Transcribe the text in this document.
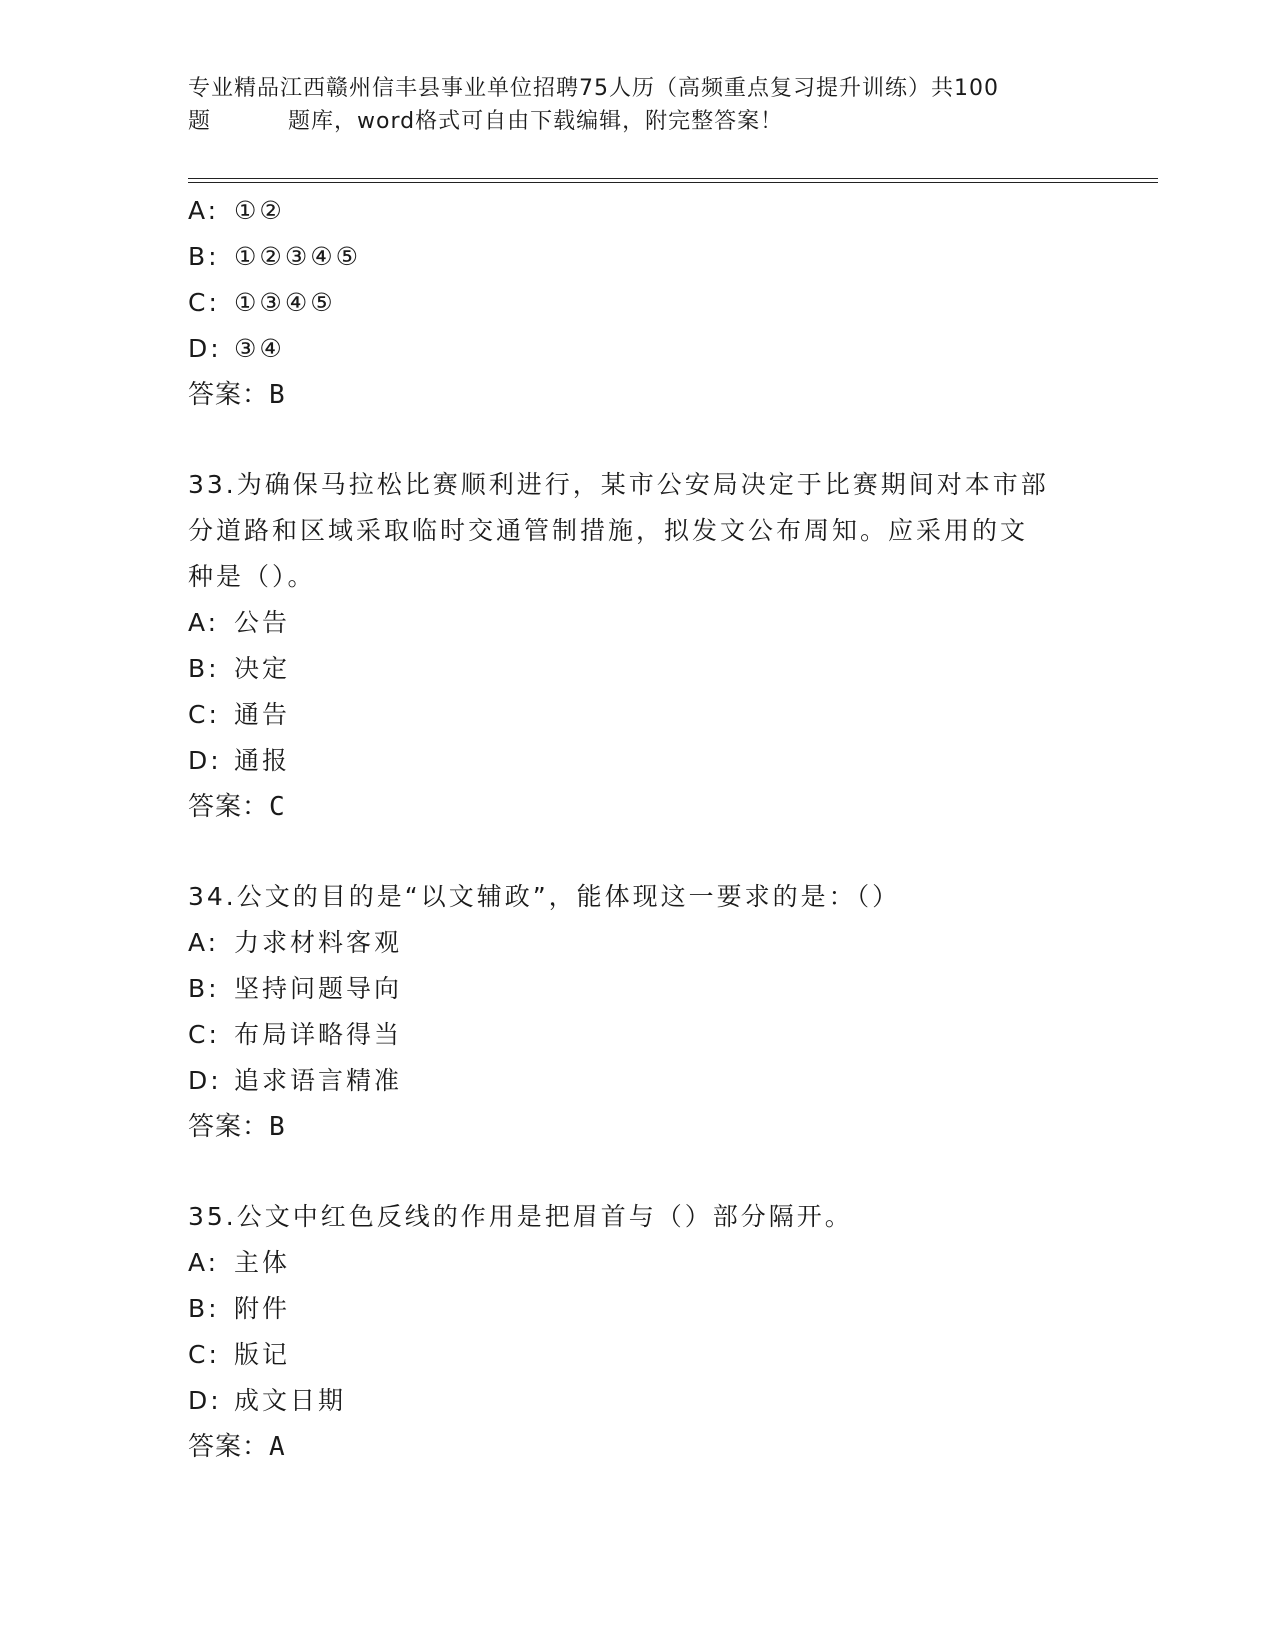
专业精品江西赣州信丰县事业单位招聘75人历（高频重点复习提升训练）共100
题	题库，word格式可自由下载编辑，附完整答案！
A: ①②
B: ①②③④⑤
C: ①③④⑤
D: ③④
答案：B
33.为确保马拉松比赛顺利进行，某市公安局决定于比赛期间对本市部
分道路和区域采取临时交通管制措施，拟发文公布周知。应采用的文
种是（）。
A: 公告
B: 决定
C: 通告
D: 通报
答案：C
34.公文的目的是“以文辅政”，能体现这一要求的是：（）
A: 力求材料客观
B: 坚持问题导向
C: 布局详略得当
D: 追求语言精准
答案：B
35.公文中红色反线的作用是把眉首与（）部分隔开。
A: 主体
B: 附件
C: 版记
D: 成文日期
答案：A
